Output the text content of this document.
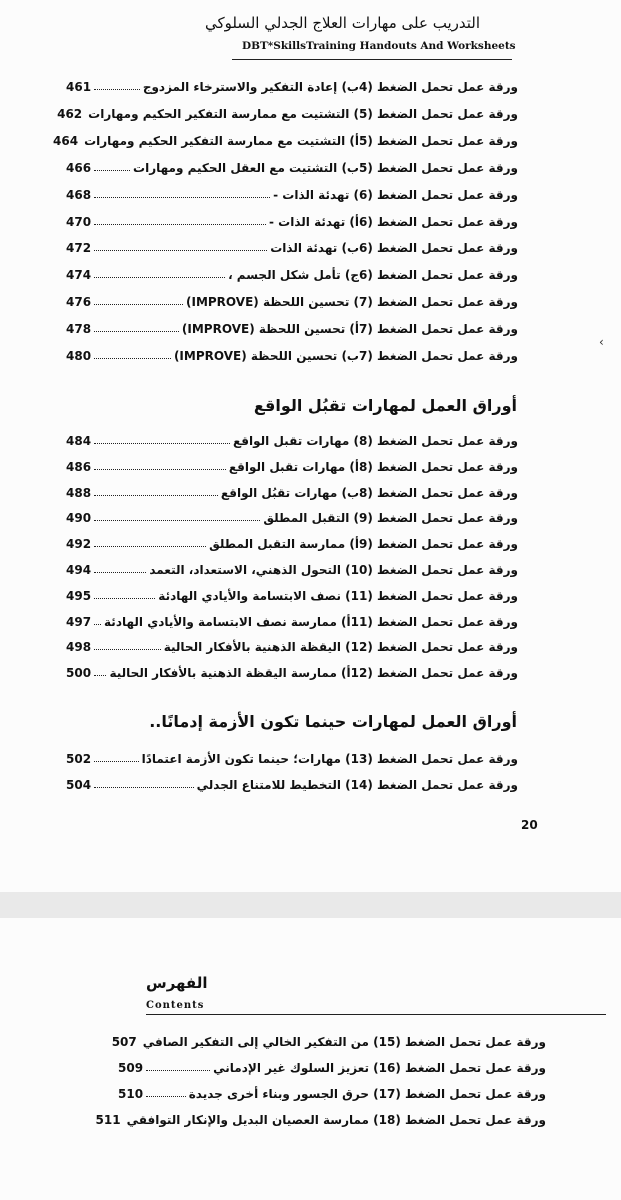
التدريب على مهارات العلاج الجدلي السلوكي
DBT*SkillsTraining Handouts And Worksheets
ورقة عمل تحمل الضغط (4ب) إعادة التفكير والاسترخاء المزدوج
461
ورقة عمل تحمل الضغط (5) التشتيت مع ممارسة التفكير الحكيم ومهارات
462
ورقة عمل تحمل الضغط (5أ) التشتيت مع ممارسة التفكير الحكيم ومهارات
464
ورقة عمل تحمل الضغط (5ب) التشتيت مع العقل الحكيم ومهارات
466
ورقة عمل تحمل الضغط (6) تهدئة الذات -
468
ورقة عمل تحمل الضغط (6أ) تهدئة الذات -
470
ورقة عمل تحمل الضغط (6ب) تهدئة الذات
472
ورقة عمل تحمل الضغط (6ج) تأمل شكل الجسم ،
474
ورقة عمل تحمل الضغط (7) تحسين اللحظة (IMPROVE)
476
ورقة عمل تحمل الضغط (7أ) تحسين اللحظة (IMPROVE)
478
ورقة عمل تحمل الضغط (7ب) تحسين اللحظة (IMPROVE)
480
أوراق العمل لمهارات تقبُل الواقع
ورقة عمل تحمل الضغط (8) مهارات تقبل الواقع
484
ورقة عمل تحمل الضغط (8أ) مهارات تقبل الواقع
486
ورقة عمل تحمل الضغط (8ب) مهارات تقبُل الواقع
488
ورقة عمل تحمل الضغط (9) التقبل المطلق
490
ورقة عمل تحمل الضغط (9أ) ممارسة التقبل المطلق
492
ورقة عمل تحمل الضغط (10) التحول الذهني، الاستعداد، التعمد
494
ورقة عمل تحمل الضغط (11) نصف الابتسامة والأيادي الهادئة
495
ورقة عمل تحمل الضغط (11أ) ممارسة نصف الابتسامة والأيادي الهادئة
497
ورقة عمل تحمل الضغط (12) اليقظة الذهنية بالأفكار الحالية
498
ورقة عمل تحمل الضغط (12أ) ممارسة اليقظة الذهنية بالأفكار الحالية
500
أوراق العمل لمهارات حينما تكون الأزمة إدمانًا..
ورقة عمل تحمل الضغط (13) مهارات؛ حينما تكون الأزمة اعتمادًا
502
ورقة عمل تحمل الضغط (14) التخطيط للامتناع الجدلي
504
20
‹
الفهرس
Contents
ورقة عمل تحمل الضغط (15) من التفكير الخالي إلى التفكير الصافي
507
ورقة عمل تحمل الضغط (16) تعزيز السلوك غير الإدماني
509
ورقة عمل تحمل الضغط (17) حرق الجسور وبناء أخرى جديدة
510
ورقة عمل تحمل الضغط (18) ممارسة العصيان البديل والإنكار التوافقي
511
